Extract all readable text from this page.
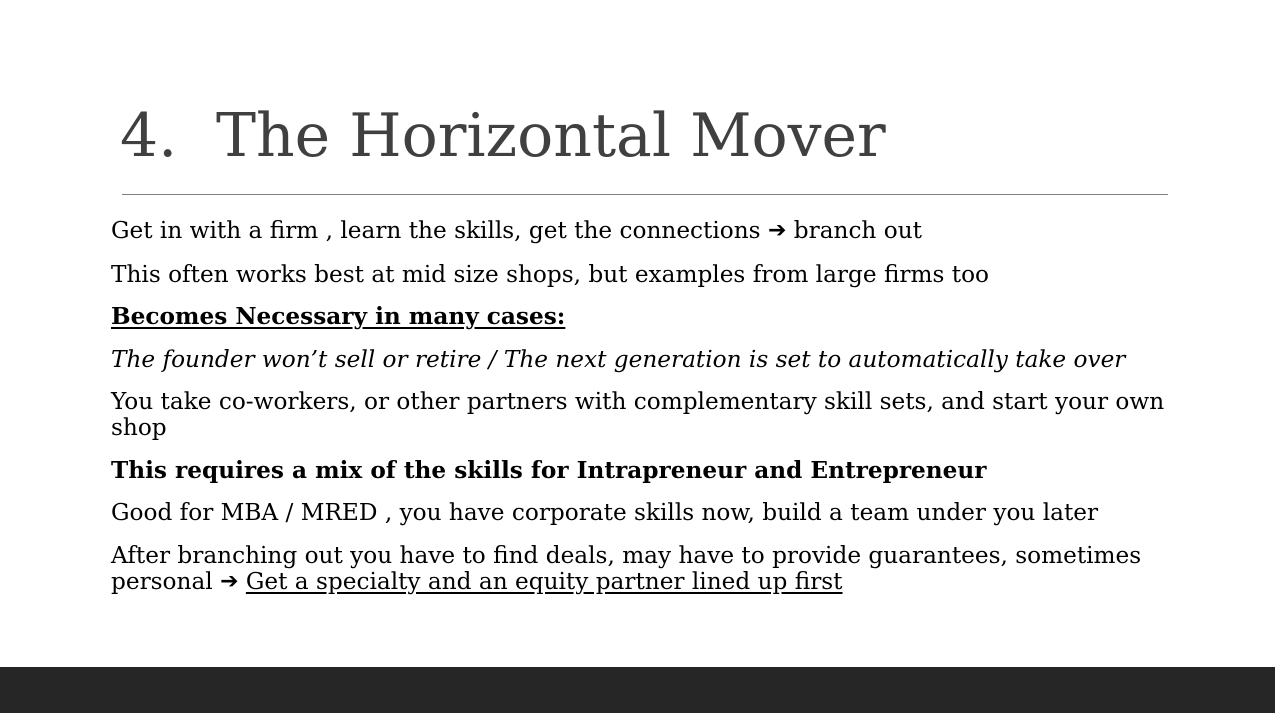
4. The Horizontal Mover

Get in with a firm , learn the skills, get the connections ➔ branch out

This often works best at mid size shops, but examples from large firms too

Becomes Necessary in many cases:

The founder won’t sell or retire / The next generation is set to automatically take over

You take co-workers, or other partners with complementary skill sets, and start your own shop

This requires a mix of the skills for Intrapreneur and Entrepreneur

Good for MBA / MRED , you have corporate skills now, build a team under you later

After branching out you have to find deals, may have to provide guarantees, sometimes personal ➔ Get a specialty and an equity partner lined up first
